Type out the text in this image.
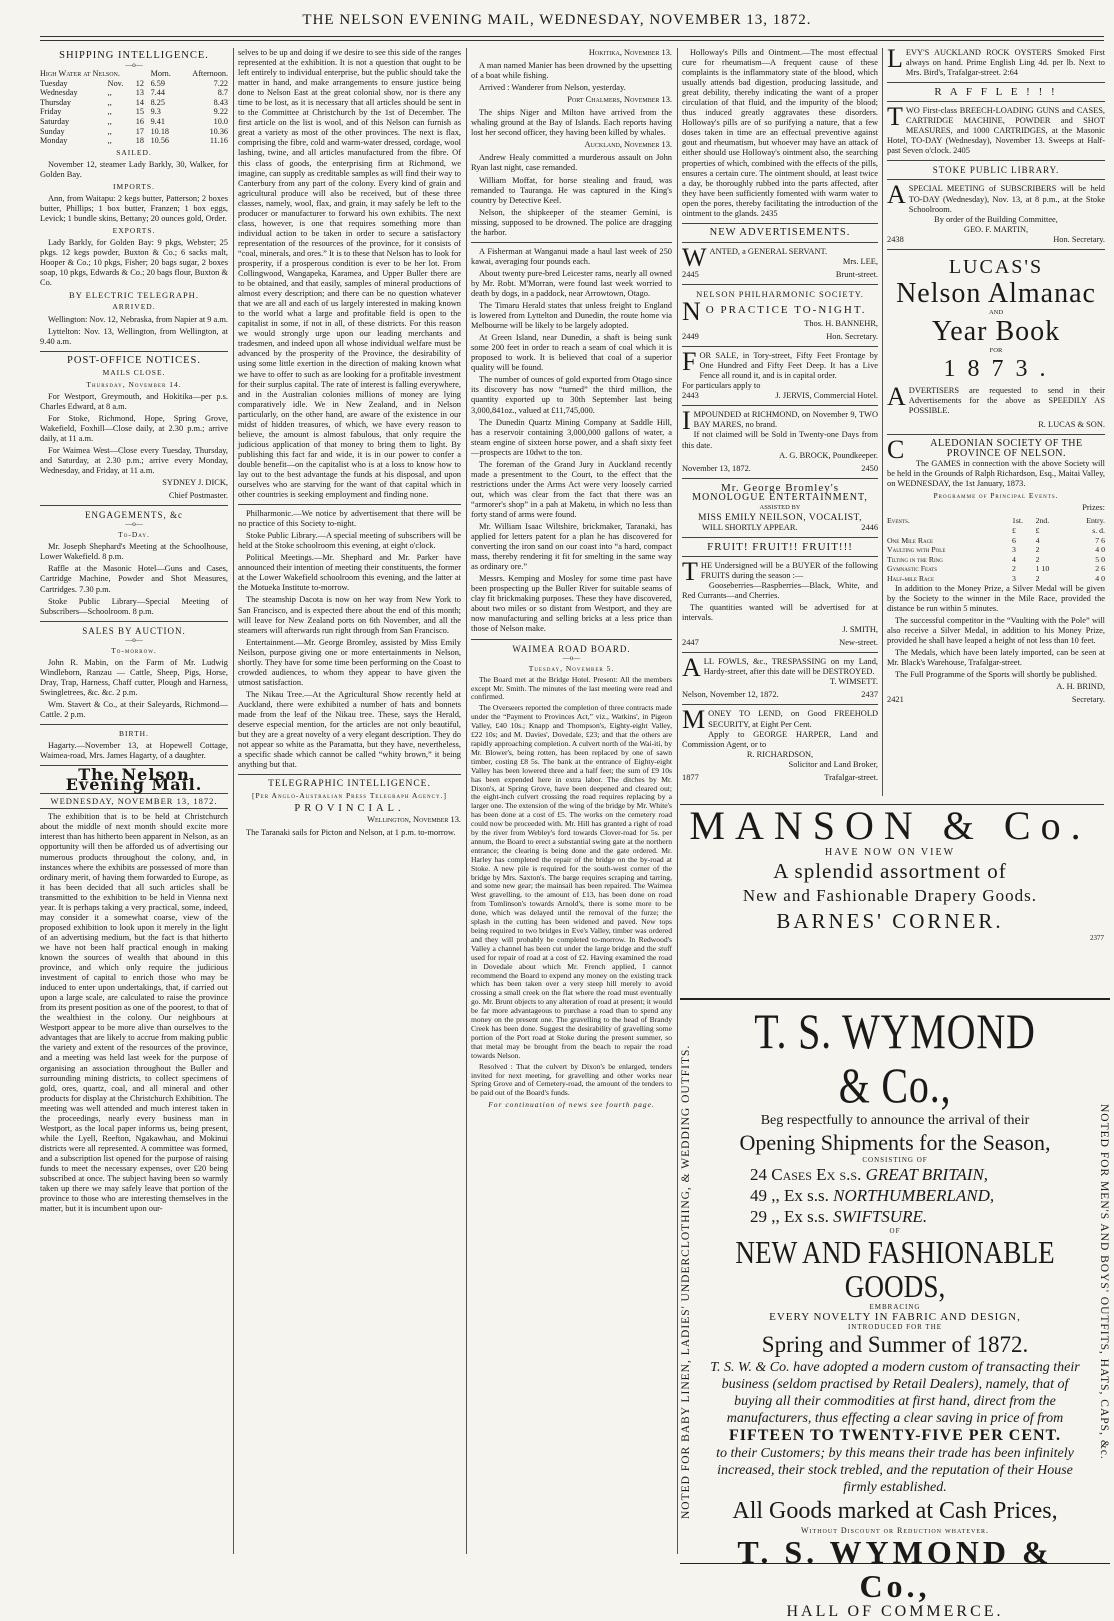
THE NELSON EVENING MAIL, WEDNESDAY, NOVEMBER 13, 1872.
SHIPPING INTELLIGENCE.
—o—
High Water at Nelson.			Morn.	Afternoon.
Tuesday	Nov.	12	6.59	7.22
Wednesday	,,	13	7.44	8.7
Thursday	,,	14	8.25	8.43
Friday	,,	15	9.3	9.22
Saturday	,,	16	9.41	10.0
Sunday	,,	17	10.18	10.36
Monday	,,	18	10.56	11.16
SAILED.
November 12, steamer Lady Barkly, 30, Walker, for Golden Bay.
IMPORTS.
Ann, from Waitapu: 2 kegs butter, Patterson; 2 boxes butter, Phillips; 1 box butter, Franzen; 1 box eggs, Levick; 1 bundle skins, Bettany; 20 ounces gold, Order.
EXPORTS.
Lady Barkly, for Golden Bay: 9 pkgs, Webster; 25 pkgs. 12 kegs powder, Buxton & Co.; 6 sacks malt, Hooper & Co.; 10 pkgs, Fisher; 20 bags sugar, 2 boxes soap, 10 pkgs, Edwards & Co.; 20 bags flour, Buxton & Co.
BY ELECTRIC TELEGRAPH.
ARRIVED.
Wellington: Nov. 12, Nebraska, from Napier at 9 a.m.
Lyttelton: Nov. 13, Wellington, from Wellington, at 9.40 a.m.
POST-OFFICE NOTICES.
MAILS CLOSE.
Thursday, November 14.
For Westport, Greymouth, and Hokitika—per p.s. Charles Edward, at 8 a.m.
For Stoke, Richmond, Hope, Spring Grove, Wakefield, Foxhill—Close daily, at 2.30 p.m.; arrive daily, at 11 a.m.
For Waimea West—Close every Tuesday, Thursday, and Saturday, at 2.30 p.m.; arrive every Monday, Wednesday, and Friday, at 11 a.m.
SYDNEY J. DICK,
Chief Postmaster.
ENGAGEMENTS, &c
—o—
To-Day.
Mr. Joseph Shephard's Meeting at the Schoolhouse, Lower Wakefield. 8 p.m.
Raffle at the Masonic Hotel—Guns and Cases, Cartridge Machine, Powder and Shot Measures, Cartridges. 7.30 p.m.
Stoke Public Library—Special Meeting of Subscribers—Schoolroom. 8 p.m.
SALES BY AUCTION.
—o—
To-morrow.
John R. Mabin, on the Farm of Mr. Ludwig Windleborn, Ranzau — Cattle, Sheep, Pigs, Horse, Dray, Trap, Harness, Chaff cutter, Plough and Harness, Swingletrees, &c. &c. 2 p.m.
Wm. Stavert & Co., at their Saleyards, Richmond—Cattle. 2 p.m.
BIRTH.
Hagarty.—November 13, at Hopewell Cottage, Waimea-road, Mrs. James Hagarty, of a daughter.
The Nelson Evening Mail.
WEDNESDAY, NOVEMBER 13, 1872.
The exhibition that is to be held at Christchurch about the middle of next month should excite more interest than has hitherto been apparent in Nelson, as an opportunity will then be afforded us of advertising our numerous products throughout the colony, and, in instances where the exhibits are possessed of more than ordinary merit, of having them forwarded to Europe, as it has been decided that all such articles shall be transmitted to the exhibition to be held in Vienna next year. It is perhaps taking a very practical, some, indeed, may consider it a somewhat coarse, view of the proposed exhibition to look upon it merely in the light of an advertising medium, but the fact is that hitherto we have not been half practical enough in making known the sources of wealth that abound in this province, and which only require the judicious investment of capital to enrich those who may be induced to enter upon undertakings, that, if carried out upon a large scale, are calculated to raise the province from its present position as one of the poorest, to that of the wealthiest in the colony. Our neighbours at Westport appear to be more alive than ourselves to the advantages that are likely to accrue from making public the variety and extent of the resources of the province, and a meeting was held last week for the purpose of organising an association throughout the Buller and surrounding mining districts, to collect specimens of gold, ores, quartz, coal, and all mineral and other products for display at the Christchurch Exhibition. The meeting was well attended and much interest taken in the proceedings, nearly every business man in Westport, as the local paper informs us, being present, while the Lyell, Reefton, Ngakawhau, and Mokinui districts were all represented. A committee was formed, and a subscription list opened for the purpose of raising funds to meet the necessary expenses, over £20 being subscribed at once. The subject having been so warmly taken up there we may safely leave that portion of the province to those who are interesting themselves in the matter, but it is incumbent upon our-
selves to be up and doing if we desire to see this side of the ranges represented at the exhibition. It is not a question that ought to be left entirely to individual enterprise, but the public should take the matter in hand, and make arrangements to ensure justice being done to Nelson East at the great colonial show, nor is there any time to be lost, as it is necessary that all articles should be sent in to the Committee at Christchurch by the 1st of December. The first article on the list is wool, and of this Nelson can furnish as great a variety as most of the other provinces. The next is flax, comprising the fibre, cold and warm-water dressed, cordage, wool lashing, twine, and all articles manufactured from the fibre. Of this class of goods, the enterprising firm at Richmond, we imagine, can supply as creditable samples as will find their way to Canterbury from any part of the colony. Every kind of grain and agricultural produce will also be received, but of these three classes, namely, wool, flax, and grain, it may safely be left to the producer or manufacturer to forward his own exhibits. The next class, however, is one that requires something more than individual action to be taken in order to secure a satisfactory representation of the resources of the province, for it consists of “coal, minerals, and ores.” It is to these that Nelson has to look for prosperity, if a prosperous condition is ever to be her lot. From Collingwood, Wangapeka, Karamea, and Upper Buller there are to be obtained, and that easily, samples of mineral productions of almost every description; and there can be no question whatever that we are all and each of us largely interested in making known to the world what a large and profitable field is open to the capitalist in some, if not in all, of these districts. For this reason we would strongly urge upon our leading merchants and tradesmen, and indeed upon all whose individual welfare must be advanced by the prosperity of the Province, the desirability of using some little exertion in the direction of making known what we have to offer to such as are looking for a profitable investment for their surplus capital. The rate of interest is falling everywhere, and in the Australian colonies millions of money are lying comparatively idle. We in New Zealand, and in Nelson particularly, on the other hand, are aware of the existence in our midst of hidden treasures, of which, we have every reason to believe, the amount is almost fabulous, that only require the judicious application of that money to bring them to light. By publishing this fact far and wide, it is in our power to confer a double benefit—on the capitalist who is at a loss to know how to lay out to the best advantage the funds at his disposal, and upon ourselves who are starving for the want of that capital which in other countries is seeking employment and finding none.
Philharmonic.—We notice by advertisement that there will be no practice of this Society to-night.
Stoke Public Library.—A special meeting of subscribers will be held at the Stoke schoolroom this evening, at eight o'clock.
Political Meetings.—Mr. Shephard and Mr. Parker have announced their intention of meeting their constituents, the former at the Lower Wakefield schoolroom this evening, and the latter at the Motueka Institute to-morrow.
The steamship Dacota is now on her way from New York to San Francisco, and is expected there about the end of this month; will leave for New Zealand ports on 6th November, and all the steamers will afterwards run right through from San Francisco.
Entertainment.—Mr. George Bromley, assisted by Miss Emily Neilson, purpose giving one or more entertainments in Nelson, shortly. They have for some time been performing on the Coast to crowded audiences, to whom they appear to have given the utmost satisfaction.
The Nikau Tree.—At the Agricultural Show recently held at Auckland, there were exhibited a number of hats and bonnets made from the leaf of the Nikau tree. These, says the Herald, deserve especial mention, for the articles are not only beautiful, but they are a great novelty of a very elegant description. They do not appear so white as the Paramatta, but they have, nevertheless, a specific shade which cannot be called “whity brown,” it being anything but that.
TELEGRAPHIC INTELLIGENCE.
[Per Anglo-Australian Press Telegraph Agency.]
PROVINCIAL.
Wellington, November 13.
The Taranaki sails for Picton and Nelson, at 1 p.m. to-morrow.
Hokitika, November 13.
A man named Manier has been drowned by the upsetting of a boat while fishing.
Arrived : Wanderer from Nelson, yesterday.
Port Chalmers, November 13.
The ships Niger and Milton have arrived from the whaling ground at the Bay of Islands. Each reports having lost her second officer, they having been killed by whales.
Auckland, November 13.
Andrew Healy committed a murderous assault on John Ryan last night, case remanded.
William Moffat, for horse stealing and fraud, was remanded to Tauranga. He was captured in the King's country by Detective Keel.
Nelson, the shipkeeper of the steamer Gemini, is missing, supposed to be drowned. The police are dragging the harbor.
A Fisherman at Wanganui made a haul last week of 250 kawai, averaging four pounds each.
About twenty pure-bred Leicester rams, nearly all owned by Mr. Robt. M'Morran, were found last week worried to death by dogs, in a paddock, near Arrowtown, Otago.
The Timaru Herald states that unless freight to England is lowered from Lyttelton and Dunedin, the route home via Melbourne will be likely to be largely adopted.
At Green Island, near Dunedin, a shaft is being sunk some 200 feet in order to reach a seam of coal which it is proposed to work. It is believed that coal of a superior quality will be found.
The number of ounces of gold exported from Otago since its discovery has now “turned” the third million, the quantity exported up to 30th September last being 3,000,841oz., valued at £11,745,000.
The Dunedin Quartz Mining Company at Saddle Hill, has a reservoir containing 3,000,000 gallons of water, a steam engine of sixteen horse power, and a shaft sixty feet—prospects are 10dwt to the ton.
The foreman of the Grand Jury in Auckland recently made a presentment to the Court, to the effect that the restrictions under the Arms Act were very loosely carried out, which was clear from the fact that there was an “armorer's shop” in a pah at Maketu, in which no less than forty stand of arms were found.
Mr. William Isaac Wiltshire, brickmaker, Taranaki, has applied for letters patent for a plan he has discovered for converting the iron sand on our coast into “a hard, compact mass, thereby rendering it fit for smelting in the same way as ordinary ore.”
Messrs. Kemping and Mosley for some time past have been prospecting up the Buller River for suitable seams of clay fit brickmaking purposes. These they have discovered, about two miles or so distant from Westport, and they are now manufacturing and selling bricks at a less price than those of Nelson make.
WAIMEA ROAD BOARD.
—o—
Tuesday, November 5.
The Board met at the Bridge Hotel. Present: All the members except Mr. Smith. The minutes of the last meeting were read and confirmed.
The Overseers reported the completion of three contracts made under the “Payment to Provinces Act,” viz., Watkins', in Pigeon Valley, £40 10s.; Knapp and Thompson's, Eighty-eight Valley, £22 10s; and M. Davies', Dovedale, £23; and that the others are rapidly approaching completion. A culvert north of the Wai-iti, by Mr. Blower's, being rotten, has been replaced by one of sawn timber, costing £8 5s. The bank at the entrance of Eighty-eight Valley has been lowered three and a half feet; the sum of £9 10s has been expended here in extra labor. The ditches by Mr. Dixon's, at Spring Grove, have been deepened and cleared out; the eight-inch culvert crossing the road requires replacing by a larger one. The extension of the wing of the bridge by Mr. White's has been done at a cost of £5. The works on the cemetery road could now be proceeded with. Mr. Hill has granted a right of road by the river from Webley's ford towards Clover-road for 5s. per annum, the Board to erect a substantial swing gate at the northern entrance; the clearing is being done and the gate ordered. Mr. Harley has completed the repair of the bridge on the by-road at Stoke. A new pile is required for the south-west corner of the bridge by Mrs. Saxton's. The barge requires scraping and tarring, and some new gear; the mainsail has been repaired. The Waimea West gravelling, to the amount of £13, has been done on road from Tomlinson's towards Arnold's, there is some more to be done, which was delayed until the removal of the furze; the splash in the cutting has been widened and paved. New tops being required to two bridges in Eve's Valley, timber was ordered and they will probably be completed to-morrow. In Redwood's Valley a channel has been cut under the large bridge and the stuff used for repair of road at a cost of £2. Having examined the road in Dovedale about which Mr. French applied, I cannot recommend the Board to expend any money on the existing track which has been taken over a very steep hill merely to avoid crossing a small creek on the flat where the road must eventually go. Mr. Brunt objects to any alteration of road at present; it would be far more advantageous to purchase a road than to spend any money on the present one. The gravelling to the head of Brandy Creek has been done. Suggest the desirability of gravelling some portion of the Port road at Stoke during the present summer, so that metal may be brought from the beach to repair the road towards Nelson.
Resolved : That the culvert by Dixon's be enlarged, tenders invited for next meeting, for gravelling and other works near Spring Grove and of Cemetery-road, the amount of the tenders to be paid out of the Board's funds.
For continuation of news see fourth page.
Holloway's Pills and Ointment.—The most effectual cure for rheumatism—A frequent cause of these complaints is the inflammatory state of the blood, which usually attends bad digestion, producing lassitude, and great debility, thereby indicating the want of a proper circulation of that fluid, and the impurity of the blood; thus induced greatly aggravates these disorders. Holloway's pills are of so purifying a nature, that a few doses taken in time are an effectual preventive against gout and rheumatism, but whoever may have an attack of either should use Holloway's ointment also, the searching properties of which, combined with the effects of the pills, ensures a certain cure. The ointment should, at least twice a day, be thoroughly rubbed into the parts affected, after they have been sufficiently fomented with warm water to open the pores, thereby facilitating the introduction of the ointment to the glands. 2435
NEW ADVERTISEMENTS.
WANTED, a GENERAL SERVANT.
Mrs. LEE,
2445	Brunt-street.
NELSON PHILHARMONIC SOCIETY.
N O PRACTICE TO-NIGHT.
Thos. H. BANNEHR,
2449	Hon. Secretary.
FOR SALE, in Tory-street, Fifty Feet Frontage by One Hundred and Fifty Feet Deep. It has a Live Fence all round it, and is in capital order.
For particulars apply to
2443	J. JERVIS, Commercial Hotel.
IMPOUNDED at RICHMOND, on November 9, TWO BAY MARES, no brand.
If not claimed will be Sold in Twenty-one Days from this date.
A. G. BROCK, Poundkeeper.
November 13, 1872.	2450
Mr. George Bromley's
MONOLOGUE ENTERTAINMENT,
ASSISTED BY
MISS EMILY NEILSON, VOCALIST,
WILL SHORTLY APPEAR.	2446
FRUIT! FRUIT!! FRUIT!!!
THE Undersigned will be a BUYER of the following FRUITS during the season :—
Gooseberries—Raspberries—Black, White, and Red Currants—and Cherries.
The quantities wanted will be advertised for at intervals.
J. SMITH,
2447	New-street.
ALL FOWLS, &c., TRESPASSING on my Land, Hardy-street, after this date will be DESTROYED.
T. WIMSETT.
Nelson, November 12, 1872.	2437
MONEY TO LEND, on Good FREEHOLD SECURITY, at Eight Per Cent.
Apply to GEORGE HARPER, Land and Commission Agent, or to
R. RICHARDSON,
Solicitor and Land Broker,
1877	Trafalgar-street.
LEVY'S AUCKLAND ROCK OYSTERS Smoked First always on hand. Prime English Ling 4d. per lb. Next to Mrs. Bird's, Trafalgar-street. 2:64
R A F F L E ! ! !
TWO First-class BREECH-LOADING GUNS and CASES, CARTRIDGE MACHINE, POWDER and SHOT MEASURES, and 1000 CARTRIDGES, at the Masonic Hotel, TO-DAY (Wednesday), November 13. Sweeps at Half-past Seven o'clock. 2405
STOKE PUBLIC LIBRARY.
ASPECIAL MEETING of SUBSCRIBERS will be held TO-DAY (Wednesday), Nov. 13, at 8 p.m., at the Stoke Schoolroom.
By order of the Building Committee,
GEO. F. MARTIN,
2438	Hon. Secretary.
LUCAS'S
Nelson Almanac
AND
Year Book
FOR
1 8 7 3 .
ADVERTISERS are requested to send in their Advertisements for the above as SPEEDILY AS POSSIBLE.
R. LUCAS & SON.
C	ALEDONIAN SOCIETY OF THE PROVINCE OF NELSON.
The GAMES in connection with the above Society will be held in the Grounds of Ralph Richardson, Esq., Maitai Valley, on WEDNESDAY, the 1st January, 1873.
Programme of Principal Events.
Prizes:
Events.	1st.	2nd.	Entry.
	£	£	s. d.
One Mile Race	6	4	7 6
Vaulting with Pole	3	2	4 0
Tilting in the Ring	4	2	5 0
Gymnastic Feats	2	1 10	2 6
Half-mile Race	3	2	4 0
In addition to the Money Prize, a Silver Medal will be given by the Society to the winner in the Mile Race, provided the distance be run within 5 minutes.
The successful competitor in the “Vaulting with the Pole” will also receive a Silver Medal, in addition to his Money Prize, provided he shall have leaped a height of not less than 10 feet.
The Medals, which have been lately imported, can be seen at Mr. Black's Warehouse, Trafalgar-street.
The Full Programme of the Sports will shortly be published.
A. H. BRIND,
2421	Secretary.
MANSON & Co.
HAVE NOW ON VIEW
A splendid assortment of
New and Fashionable Drapery Goods.
BARNES' CORNER.
2377
NOTED FOR BABY LINEN, LADIES' UNDERCLOTHING, & WEDDING OUTFITS.	NOTED FOR MEN'S AND BOYS' OUTFITS, HATS, CAPS, &c.
T. S. WYMOND & Co.,
Beg respectfully to announce the arrival of their
Opening Shipments for the Season,
CONSISTING OF
24 Cases Ex s.s. GREAT BRITAIN,
49 ,, Ex s.s. NORTHUMBERLAND,
29 ,, Ex s.s. SWIFTSURE.
OF
NEW AND FASHIONABLE GOODS,
EMBRACING
EVERY NOVELTY IN FABRIC AND DESIGN,
INTRODUCED FOR THE
Spring and Summer of 1872.
T. S. W. & Co. have adopted a modern custom of transacting their business (seldom practised by Retail Dealers), namely, that of buying all their commodities at first hand, direct from the manufacturers, thus effecting a clear saving in price of from
FIFTEEN TO TWENTY-FIVE PER CENT.
to their Customers; by this means their trade has been infinitely increased, their stock trebled, and the reputation of their House firmly established.
All Goods marked at Cash Prices,
Without Discount or Reduction whatever.
T. S. WYMOND & Co.,
HALL OF COMMERCE.
